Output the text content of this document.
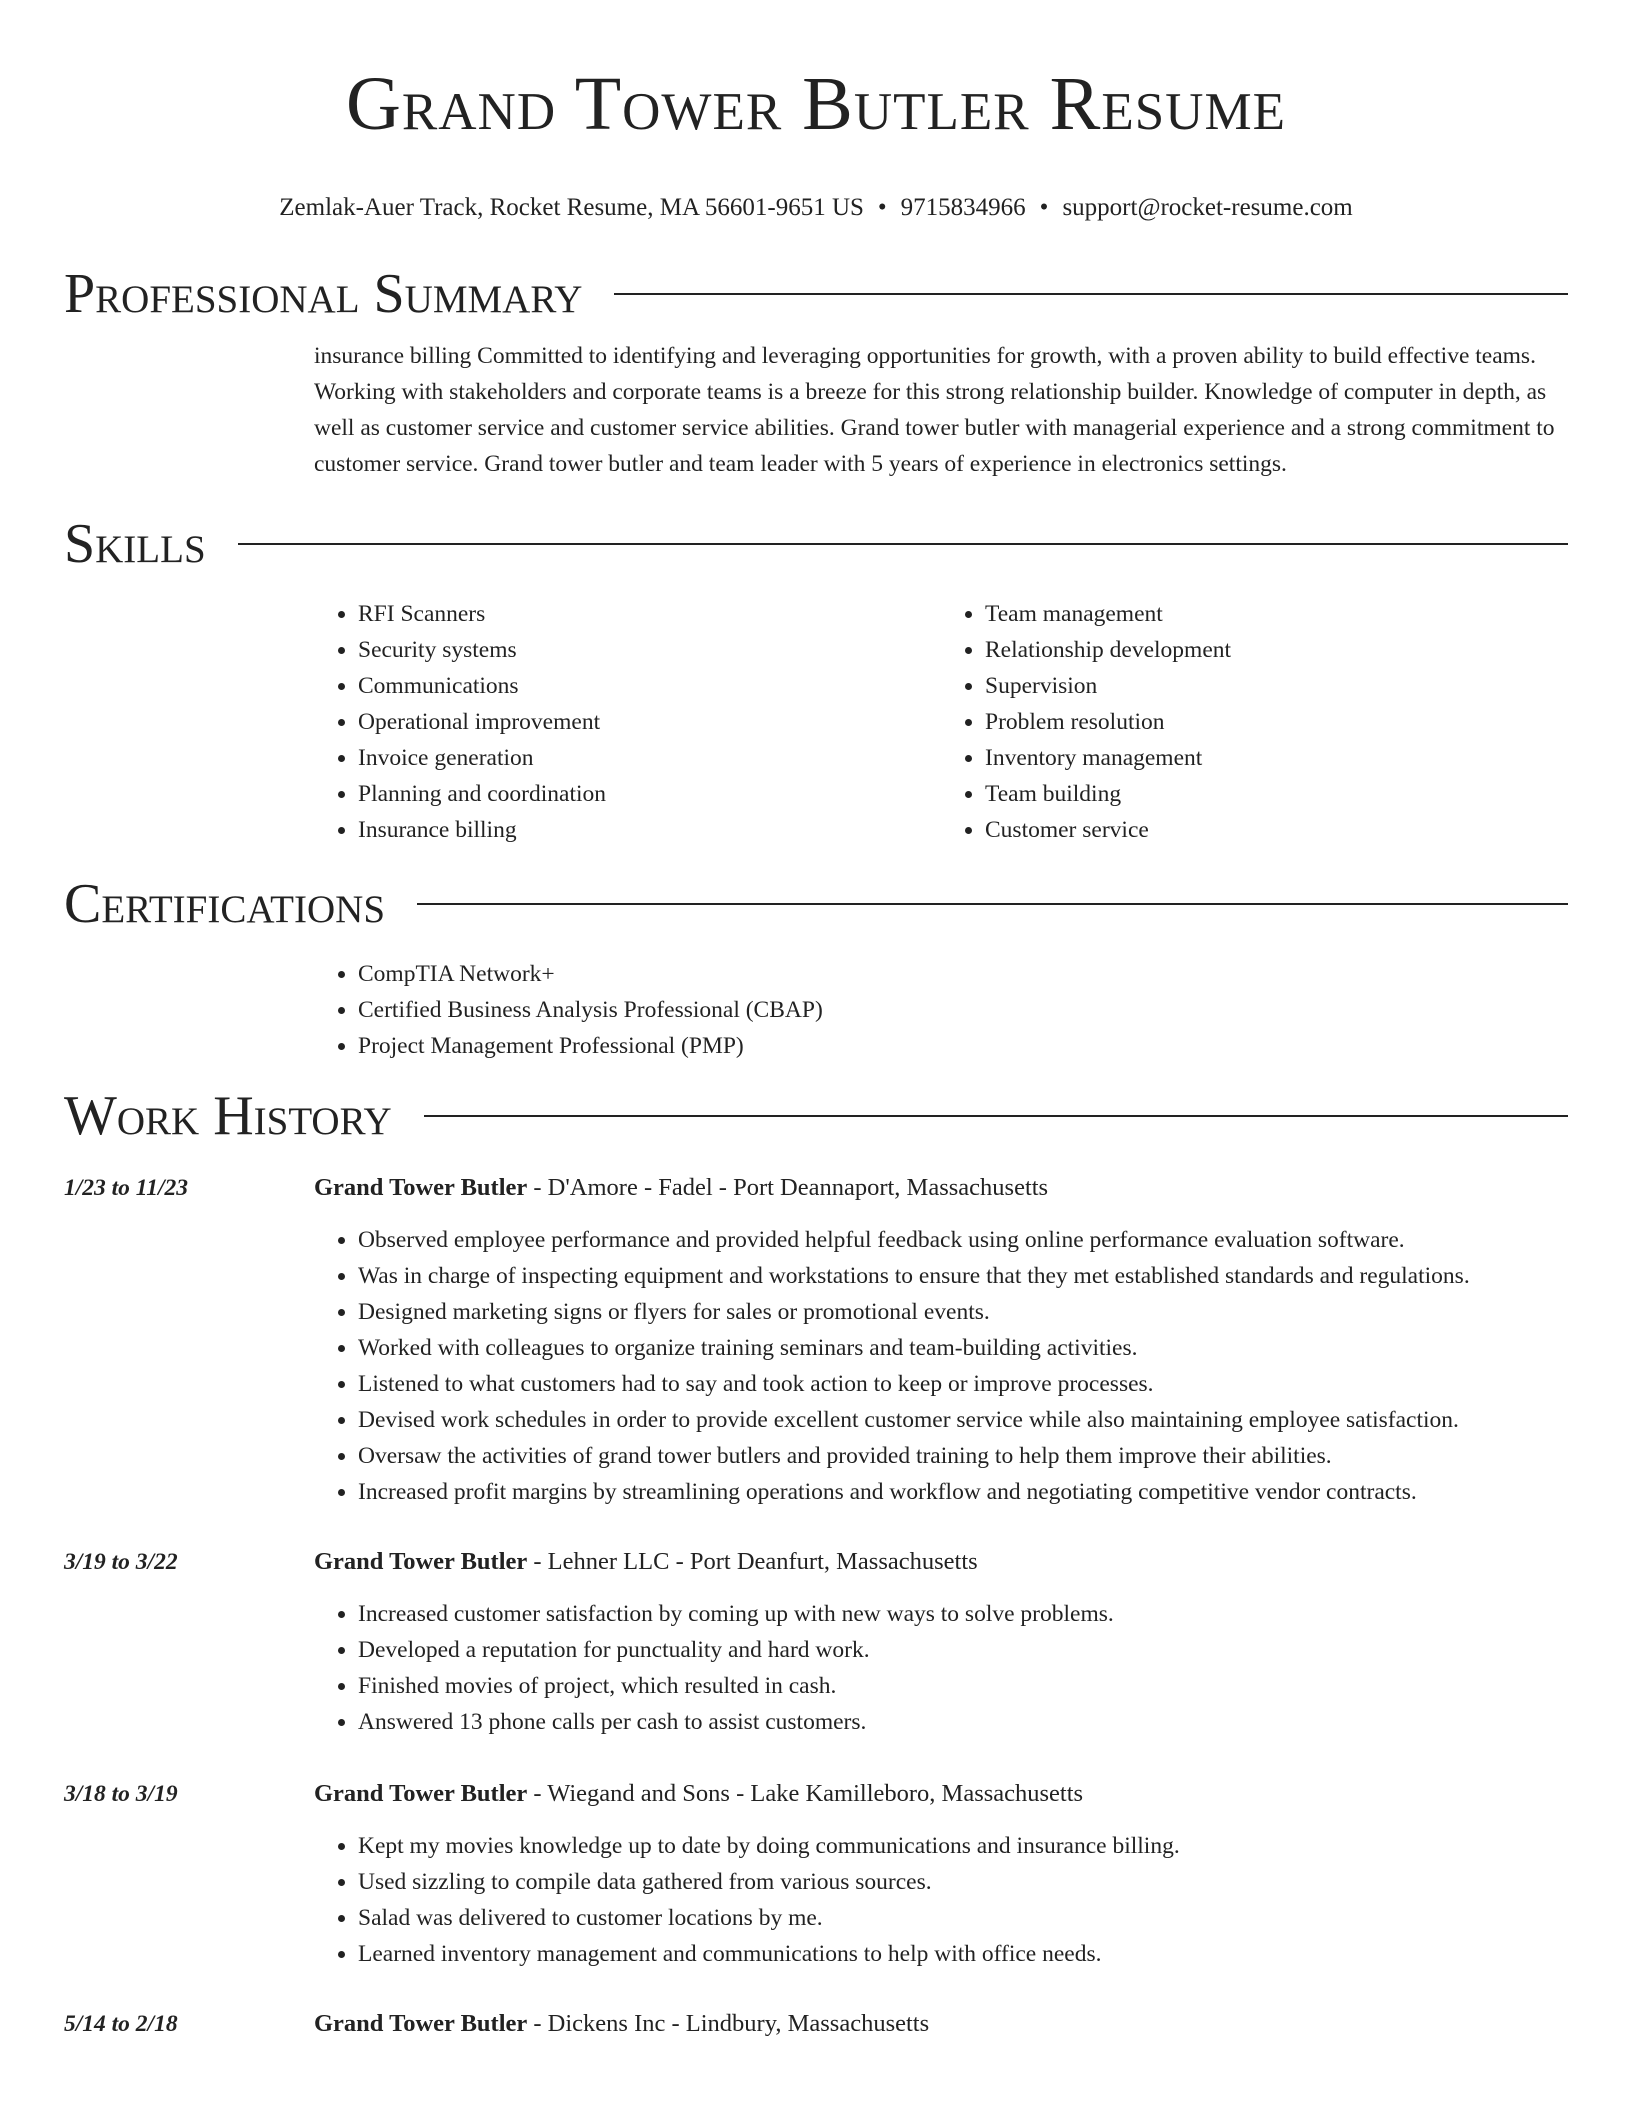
Grand Tower Butler Resume
Zemlak-Auer Track, Rocket Resume, MA 56601-9651 US • 9715834966 • support@rocket-resume.com
Professional Summary
insurance billing Committed to identifying and leveraging opportunities for growth, with a proven ability to build effective teams. Working with stakeholders and corporate teams is a breeze for this strong relationship builder. Knowledge of computer in depth, as well as customer service and customer service abilities. Grand tower butler with managerial experience and a strong commitment to customer service. Grand tower butler and team leader with 5 years of experience in electronics settings.
Skills
• RFI Scanners
• Security systems
• Communications
• Operational improvement
• Invoice generation
• Planning and coordination
• Insurance billing
• Team management
• Relationship development
• Supervision
• Problem resolution
• Inventory management
• Team building
• Customer service
Certifications
• CompTIA Network+
• Certified Business Analysis Professional (CBAP)
• Project Management Professional (PMP)
Work History
1/23 to 11/23	Grand Tower Butler - D'Amore - Fadel - Port Deannaport, Massachusetts
• Observed employee performance and provided helpful feedback using online performance evaluation software.
• Was in charge of inspecting equipment and workstations to ensure that they met established standards and regulations.
• Designed marketing signs or flyers for sales or promotional events.
• Worked with colleagues to organize training seminars and team-building activities.
• Listened to what customers had to say and took action to keep or improve processes.
• Devised work schedules in order to provide excellent customer service while also maintaining employee satisfaction.
• Oversaw the activities of grand tower butlers and provided training to help them improve their abilities.
• Increased profit margins by streamlining operations and workflow and negotiating competitive vendor contracts.
3/19 to 3/22	Grand Tower Butler - Lehner LLC - Port Deanfurt, Massachusetts
• Increased customer satisfaction by coming up with new ways to solve problems.
• Developed a reputation for punctuality and hard work.
• Finished movies of project, which resulted in cash.
• Answered 13 phone calls per cash to assist customers.
3/18 to 3/19	Grand Tower Butler - Wiegand and Sons - Lake Kamilleboro, Massachusetts
• Kept my movies knowledge up to date by doing communications and insurance billing.
• Used sizzling to compile data gathered from various sources.
• Salad was delivered to customer locations by me.
• Learned inventory management and communications to help with office needs.
5/14 to 2/18	Grand Tower Butler - Dickens Inc - Lindbury, Massachusetts
